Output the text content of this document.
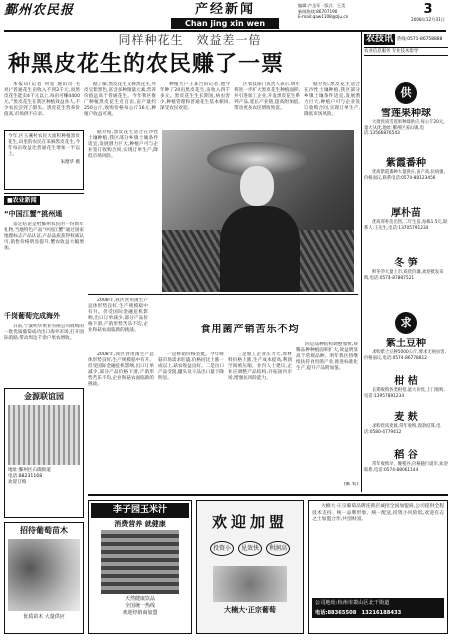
鄞州农民报	产经新闻
Chan jing xin wen
编辑:卢圣军 · 版式：王美
新闻热线:86707190
E-mail:qaw1108@zju.cn	3
2008年12月31日
同样种花生　效益差一倍
种黑皮花生的农民赚了一票
本报讯(记者 何星 通讯员 毛亮)“普通花生亩收入不到2千元,而黑皮花生能卖4千元以上,每亩可赚4400元。”黑皮花生在我区种植效益喜人,不少农民尝到了甜头。黑皮花生营养价值高,市场供不应求。
据了解,黑皮花生又称黑花生,外皮呈紫黑色,富含多种微量元素,营养价值远高于普通花生。今年我区推广种植黑皮花生近百亩,亩产量约250公斤,收购价格每公斤16元,种植户收益可观。
种植大户王某告诉记者,他今年种了20亩黑皮花生,亩收入四千多元。黑皮花生生长期短,病虫害少,种植管理和普通花生基本相同,深受农民欢迎。
区农技部门负责人表示,明年将进一步扩大黑皮花生种植面积,并引进加工企业,开发黑皮花生系列产品,延长产业链,提高附加值,带动更多农民增收致富。
据介绍,黑皮花生适合在沙性土壤种植,我区部分乡镇土壤条件适宜,发展潜力巨大,种植户可与企业签订收购合同,实现订单生产,降低市场风险。
今年,区玉溪村农民大面积种植黑皮花生,田里的农民在采摘黑皮花生,今年每亩收益比普通花生增加一半以上。
朱德华 摄
据介绍,黑皮花生适合在沙性土壤种植,我区部分乡镇土壤条件适宜,发展潜力巨大,种植户可与企业签订收购合同,实现订单生产,降低市场风险。
■农业新闻
“中国江蟹”挑州通
鉴定结论是给鄞州农民的一份新年礼物,当地特色产品“中国江蟹”通过国家地理标志产品认证,产品品质获得权威认可,销售价格明显提升,蟹农收益大幅增加。
千岗葡萄完成海外
日前,宁波明华果业有限公司收购的一批优质葡萄成功出口海外市场,打开国际销路,带动周边千余户果农增收。
金源联谊园
地址:鄞州区石碶街道
电话:88231168
欢迎订购
招待葡萄苗木
优质苗木 大量供应
食用菌产销苦乐不均
2008年,我区食用菌生产总体形势良好,生产规模稳中有升。但受国际金融危机影响,出口订单减少,部分产品价格下滑,产销形势苦乐不均,企业和菇农面临新的挑战。
2008年,我区食用菌生产总体形势良好,生产规模稳中有升。但受国际金融危机影响,出口订单减少,部分产品价格下滑,产销形势苦乐不均,企业和菇农面临新的挑战。
一是鲜销价格坚挺。今年鲜菇市场需求旺盛,价格同比上涨一成以上,菇农收益良好。二是出口产品受阻,罐头及干品出口量下降明显。
三是加工企业压力大,原材料价格上涨,生产成本提高,利润空间被压缩。业内人士建议,企业应调整产品结构,开拓国内市场,增强抗风险能力。
四是品种结构调整加快,珍稀品种种植面积扩大,效益明显高于常规品种。明年我区将继续扶持食用菌产业,推进标准化生产,提升产品附加值。
(鄞 农)
农技讯 热线:0571-86758888
农业信息服务 专业技术指导
供
雪莲果种球
大批优质雪莲果种球供应,每公斤20元,量大从优,地址:鄞州区姜山镇,电话:13566876543
紫霞番种
优质紫霞番种大量供应,亩产高,抗病强,价格面议,联系电话:0574-88123456
厚朴苗
优质厚朴苗出售,二年生苗,每株1.5元,联系人:王先生,电话:13705791234
冬 笋
鲜冬笋大量上市,质优价廉,欢迎批发采购,电话:0574-87887521
求
紫土豆种
求购紫土豆种5000公斤,要求无病虫害,价格面议,电话:0574-86778812
柑 桔
长期收购各类柑桔,量大价优,上门收购,电话:13957891234
麦 麸
求购优质麦麸,常年收购,现款结算,电话:0580-4779412
稻 谷
常年收购早、晚稻谷,价格随行就市,欢迎联系,电话:0574-88061144
李子园玉米汁
消费营养 就健康
天然健康饮品
全国统一热线
欢迎经销商加盟
欢迎加盟
投资小	见效快	利润高
大楠大·正宗葡萄
大楠大·正宗葡萄品牌连锁店诚招全国加盟商,公司提供全程技术支持、统一品牌形象、统一配送,投资小风险低,欢迎有志之士加盟合作,共创财富。
公司地址:杭州市萧山区北干街道
电话:88365508　13216188433
